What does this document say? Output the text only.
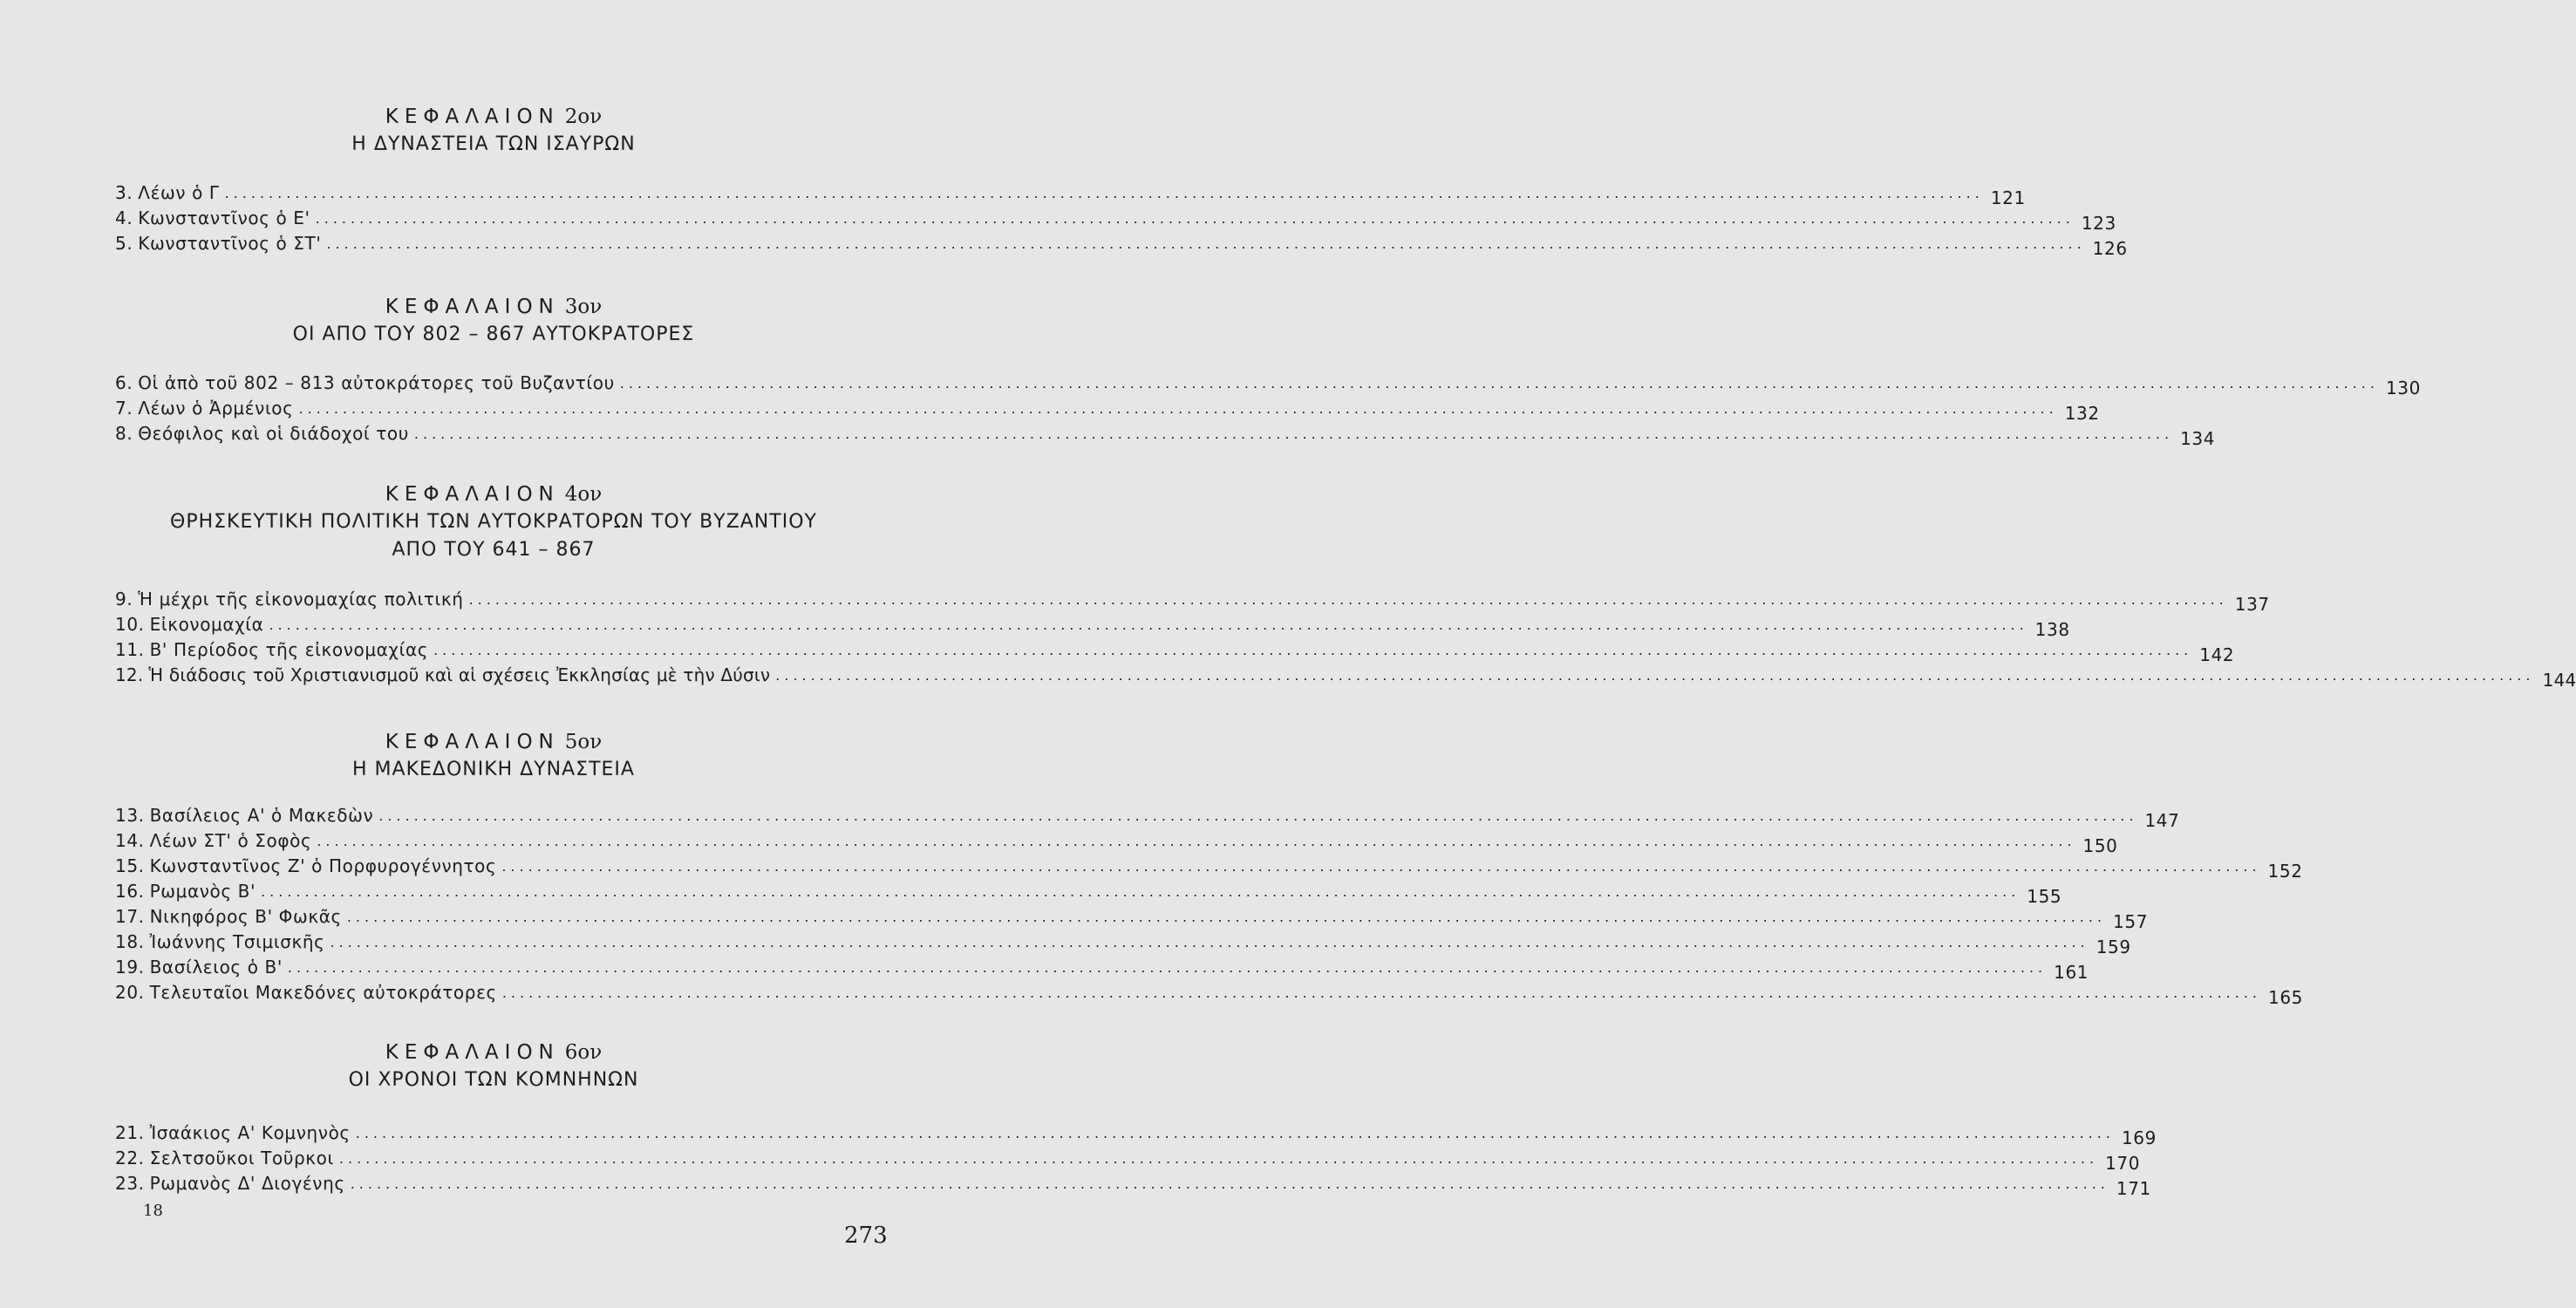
ΚΕΦΑΛΑΙΟΝ 2ον
Η ΔΥΝΑΣΤΕΙΑ ΤΩΝ ΙΣΑΥΡΩΝ
3. Λέων ὁ Γ ........................................................................................................................................................................................................ 121
4. Κωνσταντῖνος ὁ Ε' ........................................................................................................................................................................................................ 123
5. Κωνσταντῖνος ὁ ΣΤ' ........................................................................................................................................................................................................ 126
ΚΕΦΑΛΑΙΟΝ 3ον
ΟΙ ΑΠΟ ΤΟΥ 802 – 867 ΑΥΤΟΚΡΑΤΟΡΕΣ
6. Οἱ ἀπὸ τοῦ 802 – 813 αὐτοκράτορες τοῦ Βυζαντίου ........................................................................................................................................................................................................ 130
7. Λέων ὁ Ἀρμένιος ........................................................................................................................................................................................................ 132
8. Θεόφιλος καὶ οἱ διάδοχοί του ........................................................................................................................................................................................................ 134
ΚΕΦΑΛΑΙΟΝ 4ον
ΘΡΗΣΚΕΥΤΙΚΗ ΠΟΛΙΤΙΚΗ ΤΩΝ ΑΥΤΟΚΡΑΤΟΡΩΝ ΤΟΥ ΒΥΖΑΝΤΙΟΥ
ΑΠΟ ΤΟΥ 641 – 867
9. Ἡ μέχρι τῆς εἰκονομαχίας πολιτική ........................................................................................................................................................................................................ 137
10. Εἰκονομαχία ........................................................................................................................................................................................................ 138
11. Β' Περίοδος τῆς εἰκονομαχίας ........................................................................................................................................................................................................ 142
12. Ἡ διάδοσις τοῦ Χριστιανισμοῦ καὶ αἱ σχέσεις Ἐκκλησίας μὲ τὴν Δύσιν ........................................................................................................................................................................................................ 144
ΚΕΦΑΛΑΙΟΝ 5ον
Η ΜΑΚΕΔΟΝΙΚΗ ΔΥΝΑΣΤΕΙΑ
13. Βασίλειος Α' ὁ Μακεδὼν ........................................................................................................................................................................................................ 147
14. Λέων ΣΤ' ὁ Σοφὸς ........................................................................................................................................................................................................ 150
15. Κωνσταντῖνος Ζ' ὁ Πορφυρογέννητος ........................................................................................................................................................................................................ 152
16. Ρωμανὸς Β' ........................................................................................................................................................................................................ 155
17. Νικηφόρος Β' Φωκᾶς ........................................................................................................................................................................................................ 157
18. Ἰωάννης Τσιμισκῆς ........................................................................................................................................................................................................ 159
19. Βασίλειος ὁ Β' ........................................................................................................................................................................................................ 161
20. Τελευταῖοι Μακεδόνες αὐτοκράτορες ........................................................................................................................................................................................................ 165
ΚΕΦΑΛΑΙΟΝ 6ον
ΟΙ ΧΡΟΝΟΙ ΤΩΝ ΚΟΜΝΗΝΩΝ
21. Ἰσαάκιος Α' Κομνηνὸς ........................................................................................................................................................................................................ 169
22. Σελτσοῦκοι Τοῦρκοι ........................................................................................................................................................................................................ 170
23. Ρωμανὸς Δ' Διογένης ........................................................................................................................................................................................................ 171
18
273
